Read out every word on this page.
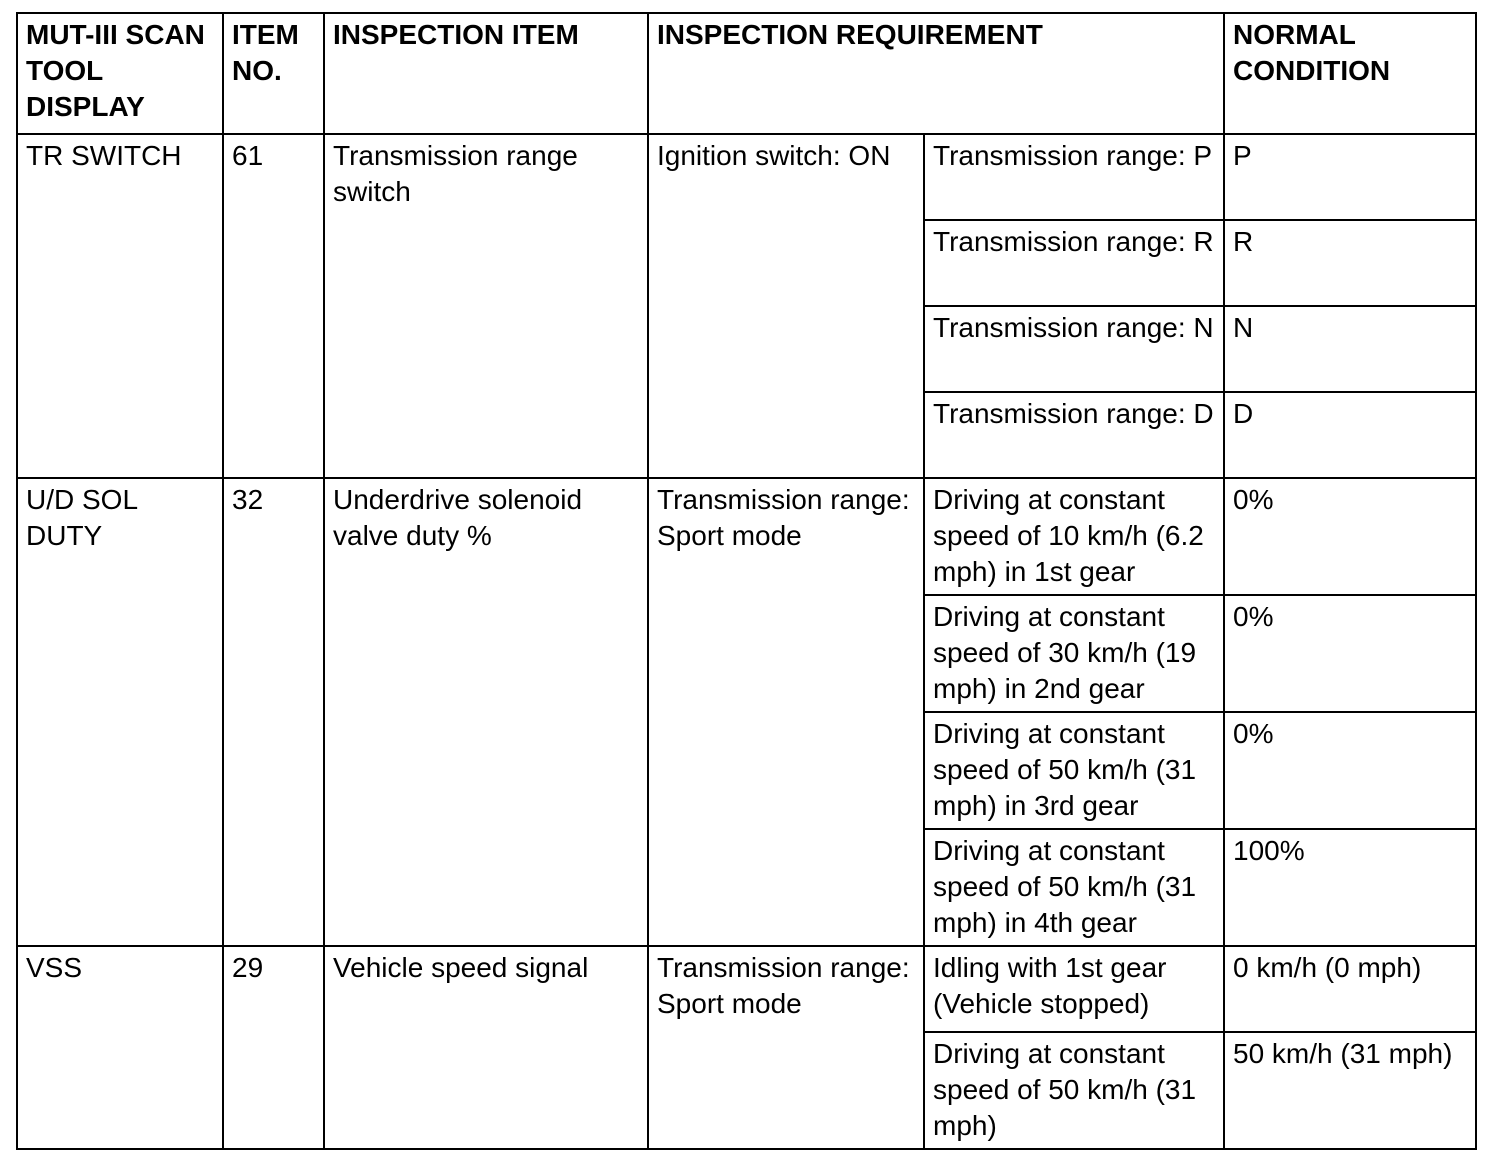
MUT-III SCAN TOOL DISPLAY	ITEM NO.	INSPECTION ITEM	INSPECTION REQUIREMENT		NORMAL CONDITION
TR SWITCH	61	Transmission range switch	Ignition switch: ON	Transmission range: P	P
				Transmission range: R	R
				Transmission range: N	N
				Transmission range: D	D
U/D SOL DUTY	32	Underdrive solenoid valve duty %	Transmission range: Sport mode	Driving at constant speed of 10 km/h (6.2 mph) in 1st gear	0%
				Driving at constant speed of 30 km/h (19 mph) in 2nd gear	0%
				Driving at constant speed of 50 km/h (31 mph) in 3rd gear	0%
				Driving at constant speed of 50 km/h (31 mph) in 4th gear	100%
VSS	29	Vehicle speed signal	Transmission range: Sport mode	Idling with 1st gear (Vehicle stopped)	0 km/h (0 mph)
				Driving at constant speed of 50 km/h (31 mph)	50 km/h (31 mph)
